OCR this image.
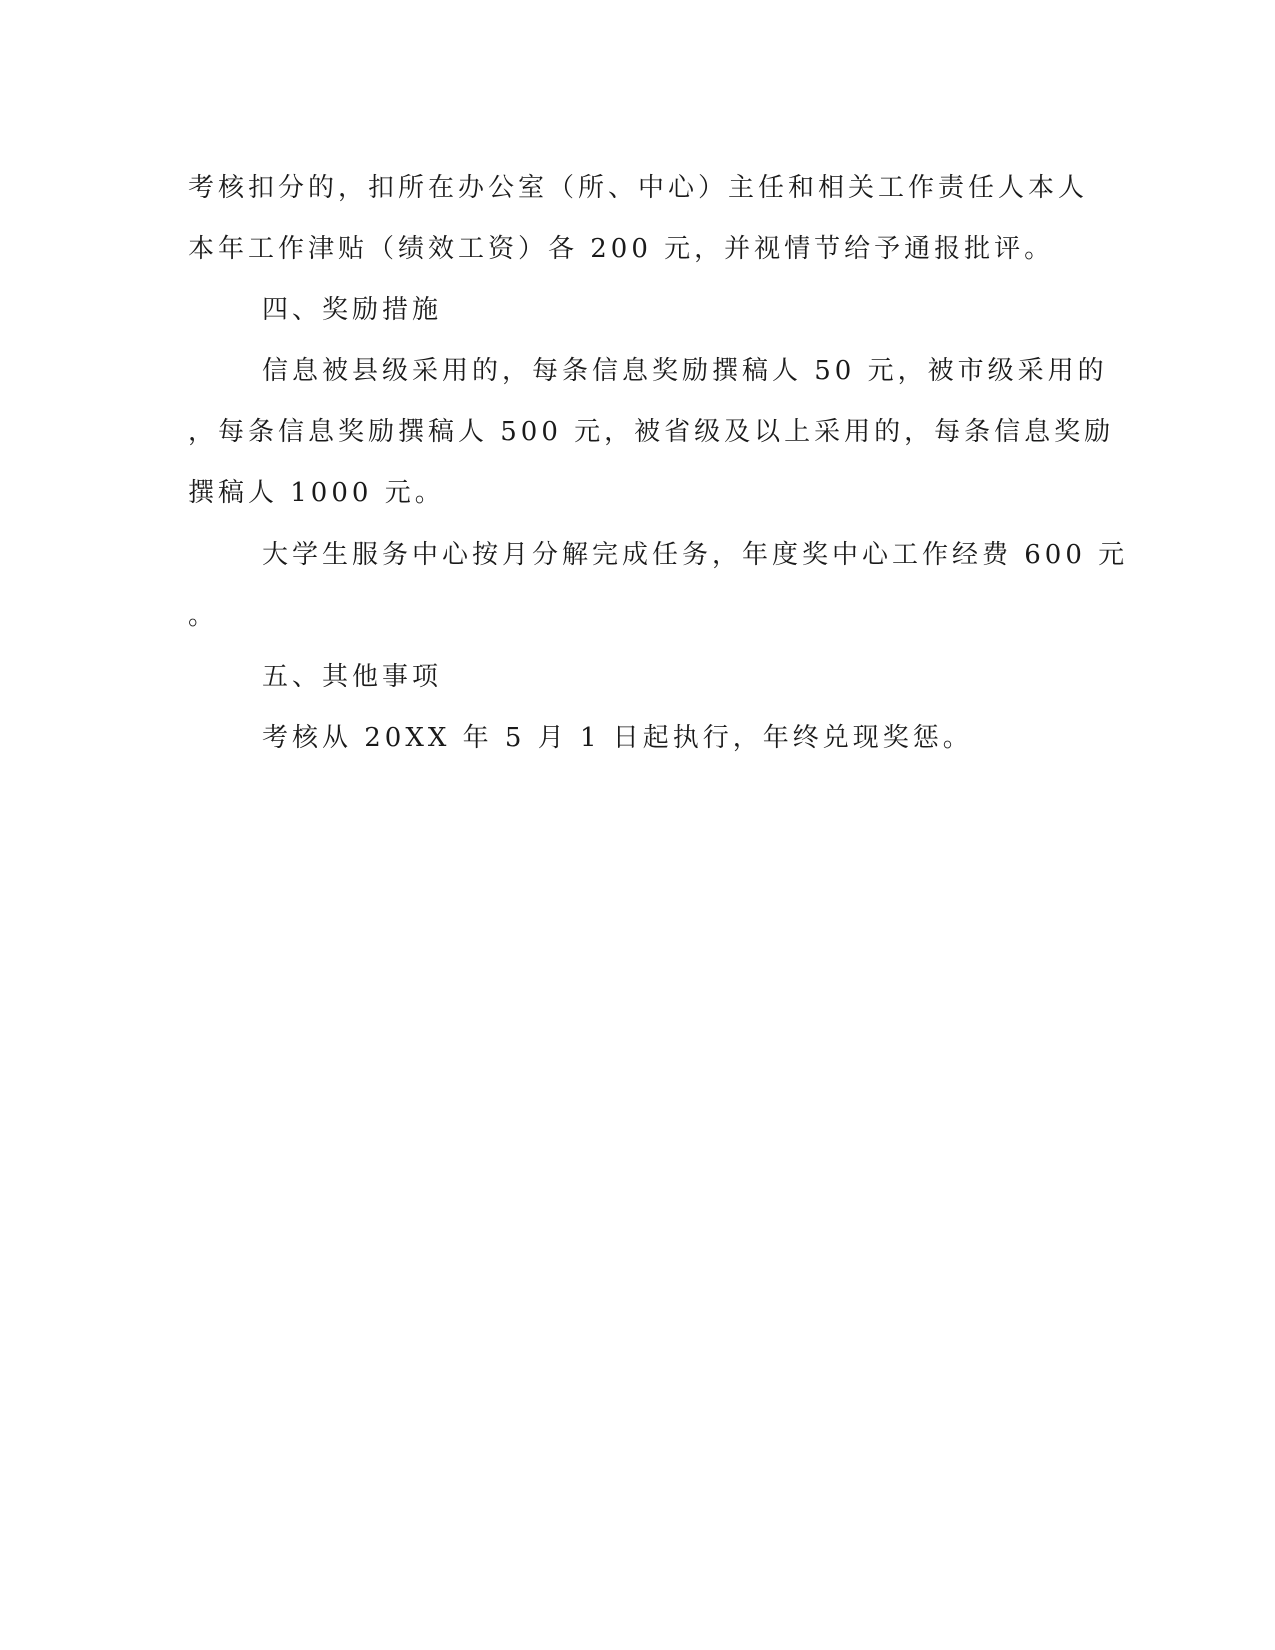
考核扣分的，扣所在办公室（所、中心）主任和相关工作责任人本人
本年工作津贴（绩效工资）各 200 元，并视情节给予通报批评。
四、奖励措施
信息被县级采用的，每条信息奖励撰稿人 50 元，被市级采用的
，每条信息奖励撰稿人 500 元，被省级及以上采用的，每条信息奖励
撰稿人 1000 元。
大学生服务中心按月分解完成任务，年度奖中心工作经费 600 元
。
五、其他事项
考核从 20XX 年 5 月 1 日起执行，年终兑现奖惩。
